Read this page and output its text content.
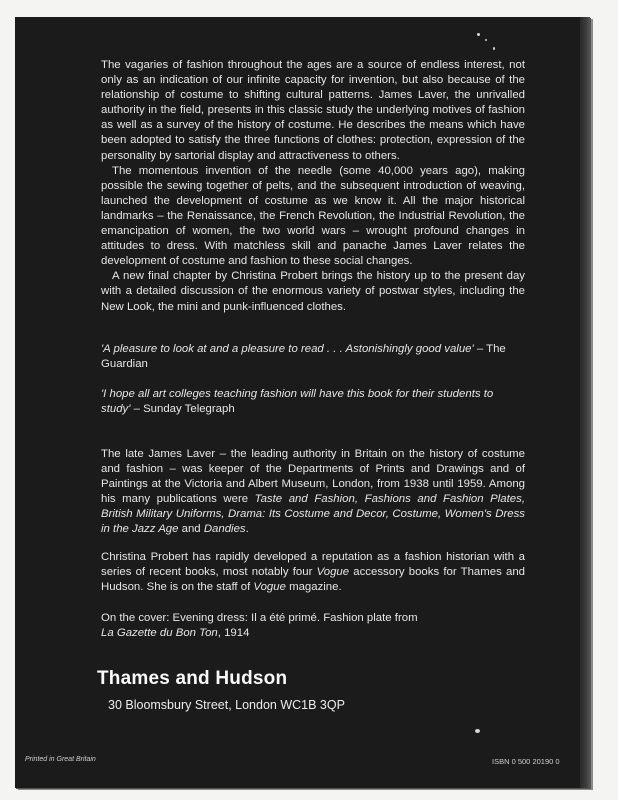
The vagaries of fashion throughout the ages are a source of endless interest, not only as an indication of our infinite capacity for invention, but also because of the relationship of costume to shifting cultural patterns. James Laver, the unrivalled authority in the field, presents in this classic study the underlying motives of fashion as well as a survey of the history of costume. He describes the means which have been adopted to satisfy the three functions of clothes: protection, expression of the personality by sartorial display and attractiveness to others.

The momentous invention of the needle (some 40,000 years ago), making possible the sewing together of pelts, and the subsequent introduction of weaving, launched the development of costume as we know it. All the major historical landmarks – the Renaissance, the French Revolution, the Industrial Revolution, the emancipation of women, the two world wars – wrought profound changes in attitudes to dress. With matchless skill and panache James Laver relates the development of costume and fashion to these social changes.

A new final chapter by Christina Probert brings the history up to the present day with a detailed discussion of the enormous variety of postwar styles, including the New Look, the mini and punk-influenced clothes.

'A pleasure to look at and a pleasure to read . . . Astonishingly good value' – The Guardian

'I hope all art colleges teaching fashion will have this book for their students to study' – Sunday Telegraph

The late James Laver – the leading authority in Britain on the history of costume and fashion – was keeper of the Departments of Prints and Drawings and of Paintings at the Victoria and Albert Museum, London, from 1938 until 1959. Among his many publications were Taste and Fashion, Fashions and Fashion Plates, British Military Uniforms, Drama: Its Costume and Decor, Costume, Women's Dress in the Jazz Age and Dandies.

Christina Probert has rapidly developed a reputation as a fashion historian with a series of recent books, most notably four Vogue accessory books for Thames and Hudson. She is on the staff of Vogue magazine.
On the cover: Evening dress: Il a été primé. Fashion plate from
La Gazette du Bon Ton, 1914
Thames and Hudson
30 Bloomsbury Street, London WC1B 3QP
Printed in Great Britain	ISBN 0 500 20190 0
